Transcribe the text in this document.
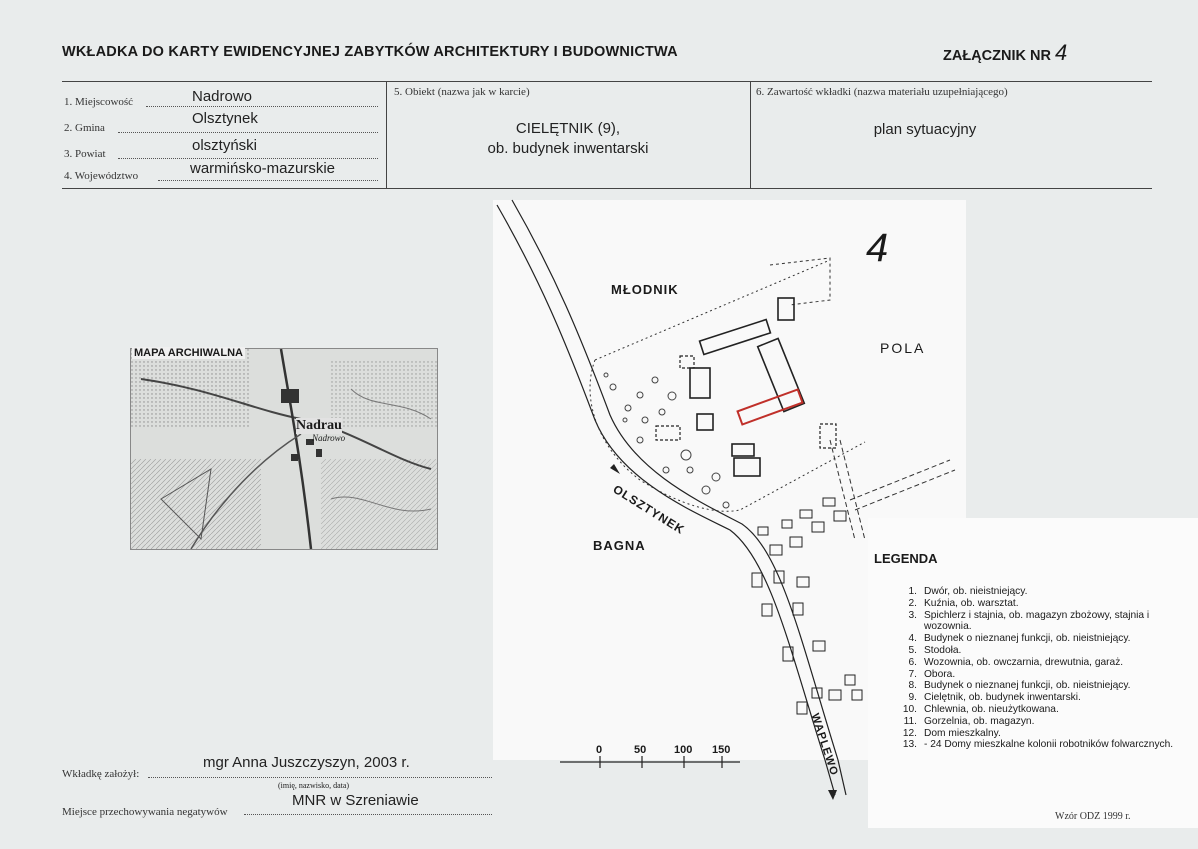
WKŁADKA DO KARTY EWIDENCYJNEJ ZABYTKÓW ARCHITEKTURY I BUDOWNICTWA	ZAŁĄCZNIK NR 4
1. Miejscowość	Nadrowo
2. Gmina
Olsztynek
3. Powiat	olsztyński
4. Województwo	warmińsko-mazurskie
5. Obiekt (nazwa jak w karcie)
CIELĘTNIK (9),
ob. budynek inwentarski
6. Zawartość wkładki (nazwa materiału uzupełniającego)
plan sytuacyjny
Nadrau
Nadrowo
MAPA ARCHIWALNA
4
MŁODNIK
POLA
BAGNA
OLSZTYNEK
WAPLEWO
0	50	100 150
LEGENDA
1. Dwór, ob. nieistniejący.
2. Kuźnia, ob. warsztat.
3. Spichlerz i stajnia, ob. magazyn zbożowy, stajnia i wozownia.
4. Budynek o nieznanej funkcji, ob. nieistniejący.
5. Stodoła.
6. Wozownia, ob. owczarnia, drewutnia, garaż.
7. Obora.
8. Budynek o nieznanej funkcji, ob. nieistniejący.
9. Cielętnik, ob. budynek inwentarski.
10. Chlewnia, ob. nieużytkowana.
11. Gorzelnia, ob. magazyn.
12. Dom mieszkalny.
13. - 24 Domy mieszkalne kolonii robotników folwarcznych.
Wkładkę założył:
mgr Anna Juszczyszyn, 2003 r.
(imię, nazwisko, data)
Miejsce przechowywania negatywów
MNR w Szreniawie
Wzór ODZ 1999 r.
